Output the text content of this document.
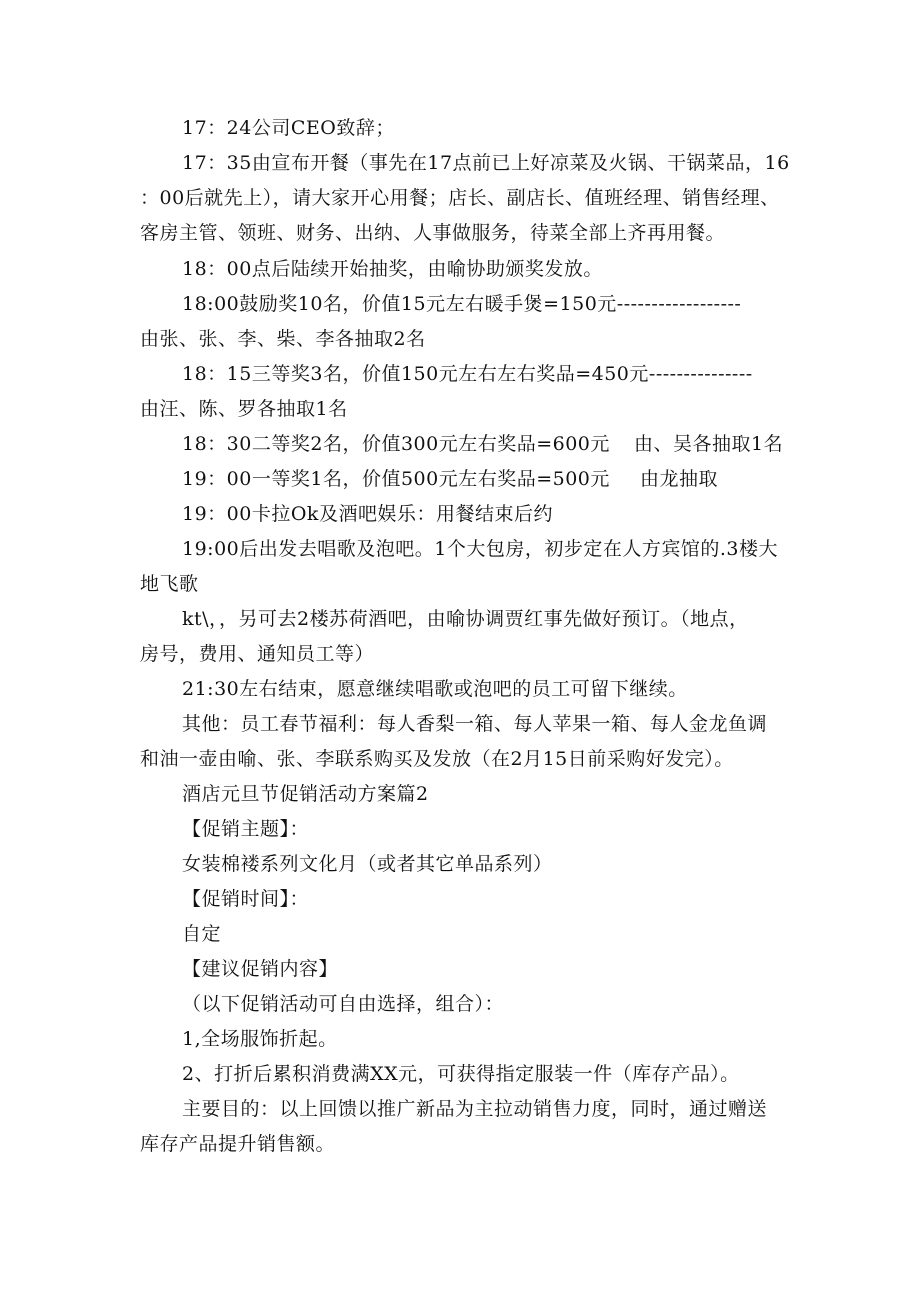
17：24公司CEO致辞；
17：35由宣布开餐（事先在17点前已上好凉菜及火锅、干锅菜品，16
：00后就先上），请大家开心用餐；店长、副店长、值班经理、销售经理、
客房主管、领班、财务、出纳、人事做服务，待菜全部上齐再用餐。
18：00点后陆续开始抽奖，由喻协助颁奖发放。
18:00鼓励奖10名，价值15元左右暖手煲=150元------------------
由张、张、李、柴、李各抽取2名
18：15三等奖3名，价值150元左右左右奖品=450元---------------
由汪、陈、罗各抽取1名
18：30二等奖2名，价值300元左右奖品=600元 由、吴各抽取1名
19：00一等奖1名，价值500元左右奖品=500元 由龙抽取
19：00卡拉Ok及酒吧娱乐：用餐结束后约
19:00后出发去唱歌及泡吧。1个大包房，初步定在人方宾馆的.3楼大
地飞歌
kt\，，另可去2楼苏荷酒吧，由喻协调贾红事先做好预订。（地点，
房号，费用、通知员工等）
21:30左右结束，愿意继续唱歌或泡吧的员工可留下继续。
其他：员工春节福利：每人香梨一箱、每人苹果一箱、每人金龙鱼调
和油一壶由喻、张、李联系购买及发放（在2月15日前采购好发完）。
酒店元旦节促销活动方案篇2
【促销主题】：
女装棉褛系列文化月（或者其它单品系列）
【促销时间】：
自定
【建议促销内容】
（以下促销活动可自由选择，组合）：
1,全场服饰折起。
2、打折后累积消费满XX元，可获得指定服装一件（库存产品）。
主要目的：以上回馈以推广新品为主拉动销售力度，同时，通过赠送
库存产品提升销售额。
